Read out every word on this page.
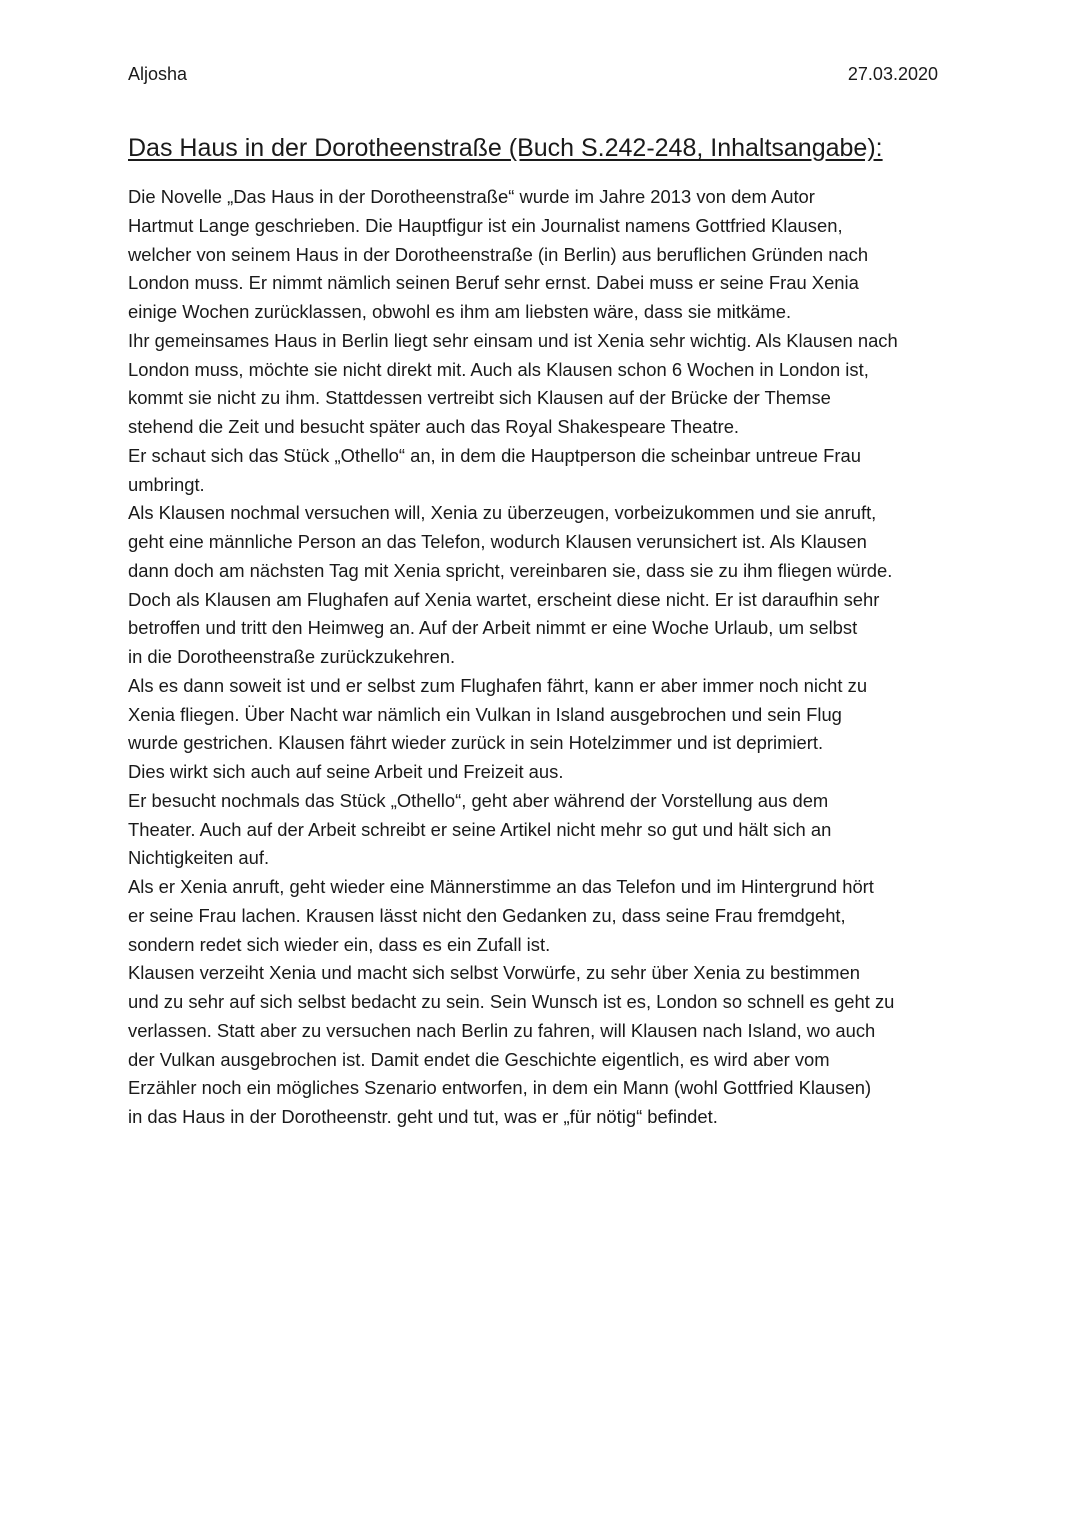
Aljosha	27.03.2020
Das Haus in der Dorotheenstraße (Buch S.242-248, Inhaltsangabe):
Die Novelle „Das Haus in der Dorotheenstraße“ wurde im Jahre 2013 von dem Autor
Hartmut Lange geschrieben. Die Hauptfigur ist ein Journalist namens Gottfried Klausen,
welcher von seinem Haus in der Dorotheenstraße (in Berlin) aus beruflichen Gründen nach
London muss. Er nimmt nämlich seinen Beruf sehr ernst. Dabei muss er seine Frau Xenia
einige Wochen zurücklassen, obwohl es ihm am liebsten wäre, dass sie mitkäme.
Ihr gemeinsames Haus in Berlin liegt sehr einsam und ist Xenia sehr wichtig. Als Klausen nach
London muss, möchte sie nicht direkt mit. Auch als Klausen schon 6 Wochen in London ist,
kommt sie nicht zu ihm. Stattdessen vertreibt sich Klausen auf der Brücke der Themse
stehend die Zeit und besucht später auch das Royal Shakespeare Theatre.
Er schaut sich das Stück „Othello“ an, in dem die Hauptperson die scheinbar untreue Frau
umbringt.
Als Klausen nochmal versuchen will, Xenia zu überzeugen, vorbeizukommen und sie anruft,
geht eine männliche Person an das Telefon, wodurch Klausen verunsichert ist. Als Klausen
dann doch am nächsten Tag mit Xenia spricht, vereinbaren sie, dass sie zu ihm fliegen würde.
Doch als Klausen am Flughafen auf Xenia wartet, erscheint diese nicht. Er ist daraufhin sehr
betroffen und tritt den Heimweg an. Auf der Arbeit nimmt er eine Woche Urlaub, um selbst
in die Dorotheenstraße zurückzukehren.
Als es dann soweit ist und er selbst zum Flughafen fährt, kann er aber immer noch nicht zu
Xenia fliegen. Über Nacht war nämlich ein Vulkan in Island ausgebrochen und sein Flug
wurde gestrichen. Klausen fährt wieder zurück in sein Hotelzimmer und ist deprimiert.
Dies wirkt sich auch auf seine Arbeit und Freizeit aus.
Er besucht nochmals das Stück „Othello“, geht aber während der Vorstellung aus dem
Theater. Auch auf der Arbeit schreibt er seine Artikel nicht mehr so gut und hält sich an
Nichtigkeiten auf.
Als er Xenia anruft, geht wieder eine Männerstimme an das Telefon und im Hintergrund hört
er seine Frau lachen. Krausen lässt nicht den Gedanken zu, dass seine Frau fremdgeht,
sondern redet sich wieder ein, dass es ein Zufall ist.
Klausen verzeiht Xenia und macht sich selbst Vorwürfe, zu sehr über Xenia zu bestimmen
und zu sehr auf sich selbst bedacht zu sein. Sein Wunsch ist es, London so schnell es geht zu
verlassen. Statt aber zu versuchen nach Berlin zu fahren, will Klausen nach Island, wo auch
der Vulkan ausgebrochen ist. Damit endet die Geschichte eigentlich, es wird aber vom
Erzähler noch ein mögliches Szenario entworfen, in dem ein Mann (wohl Gottfried Klausen)
in das Haus in der Dorotheenstr. geht und tut, was er „für nötig“ befindet.
